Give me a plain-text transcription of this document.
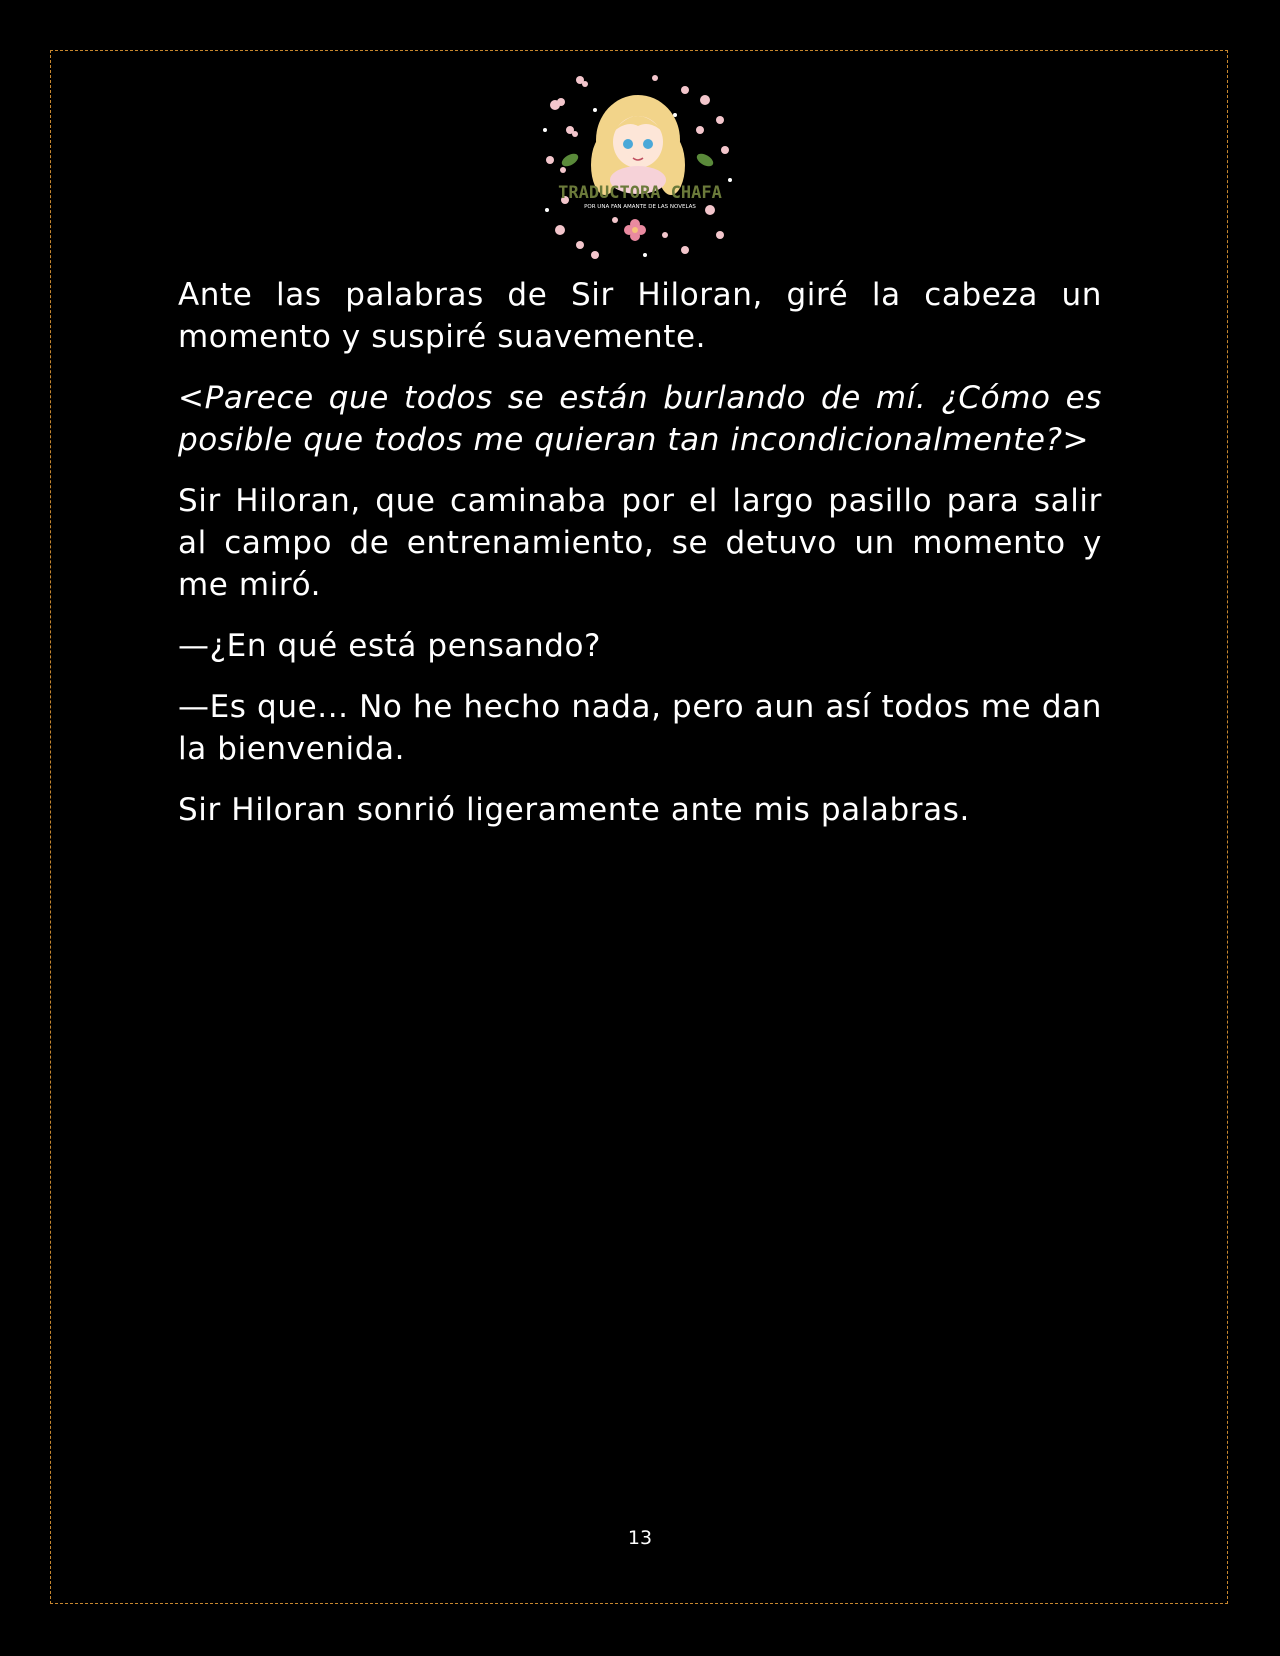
TRADUCTORA CHAFA
POR UNA FAN AMANTE DE LAS NOVELAS

Ante las palabras de Sir Hiloran, giré la cabeza un momento y suspiré suavemente.

<Parece que todos se están burlando de mí. ¿Cómo es posible que todos me quieran tan incondicionalmente?>

Sir Hiloran, que caminaba por el largo pasillo para salir al campo de entrenamiento, se detuvo un momento y me miró.

—¿En qué está pensando?

—Es que... No he hecho nada, pero aun así todos me dan la bienvenida.

Sir Hiloran sonrió ligeramente ante mis palabras.

13
